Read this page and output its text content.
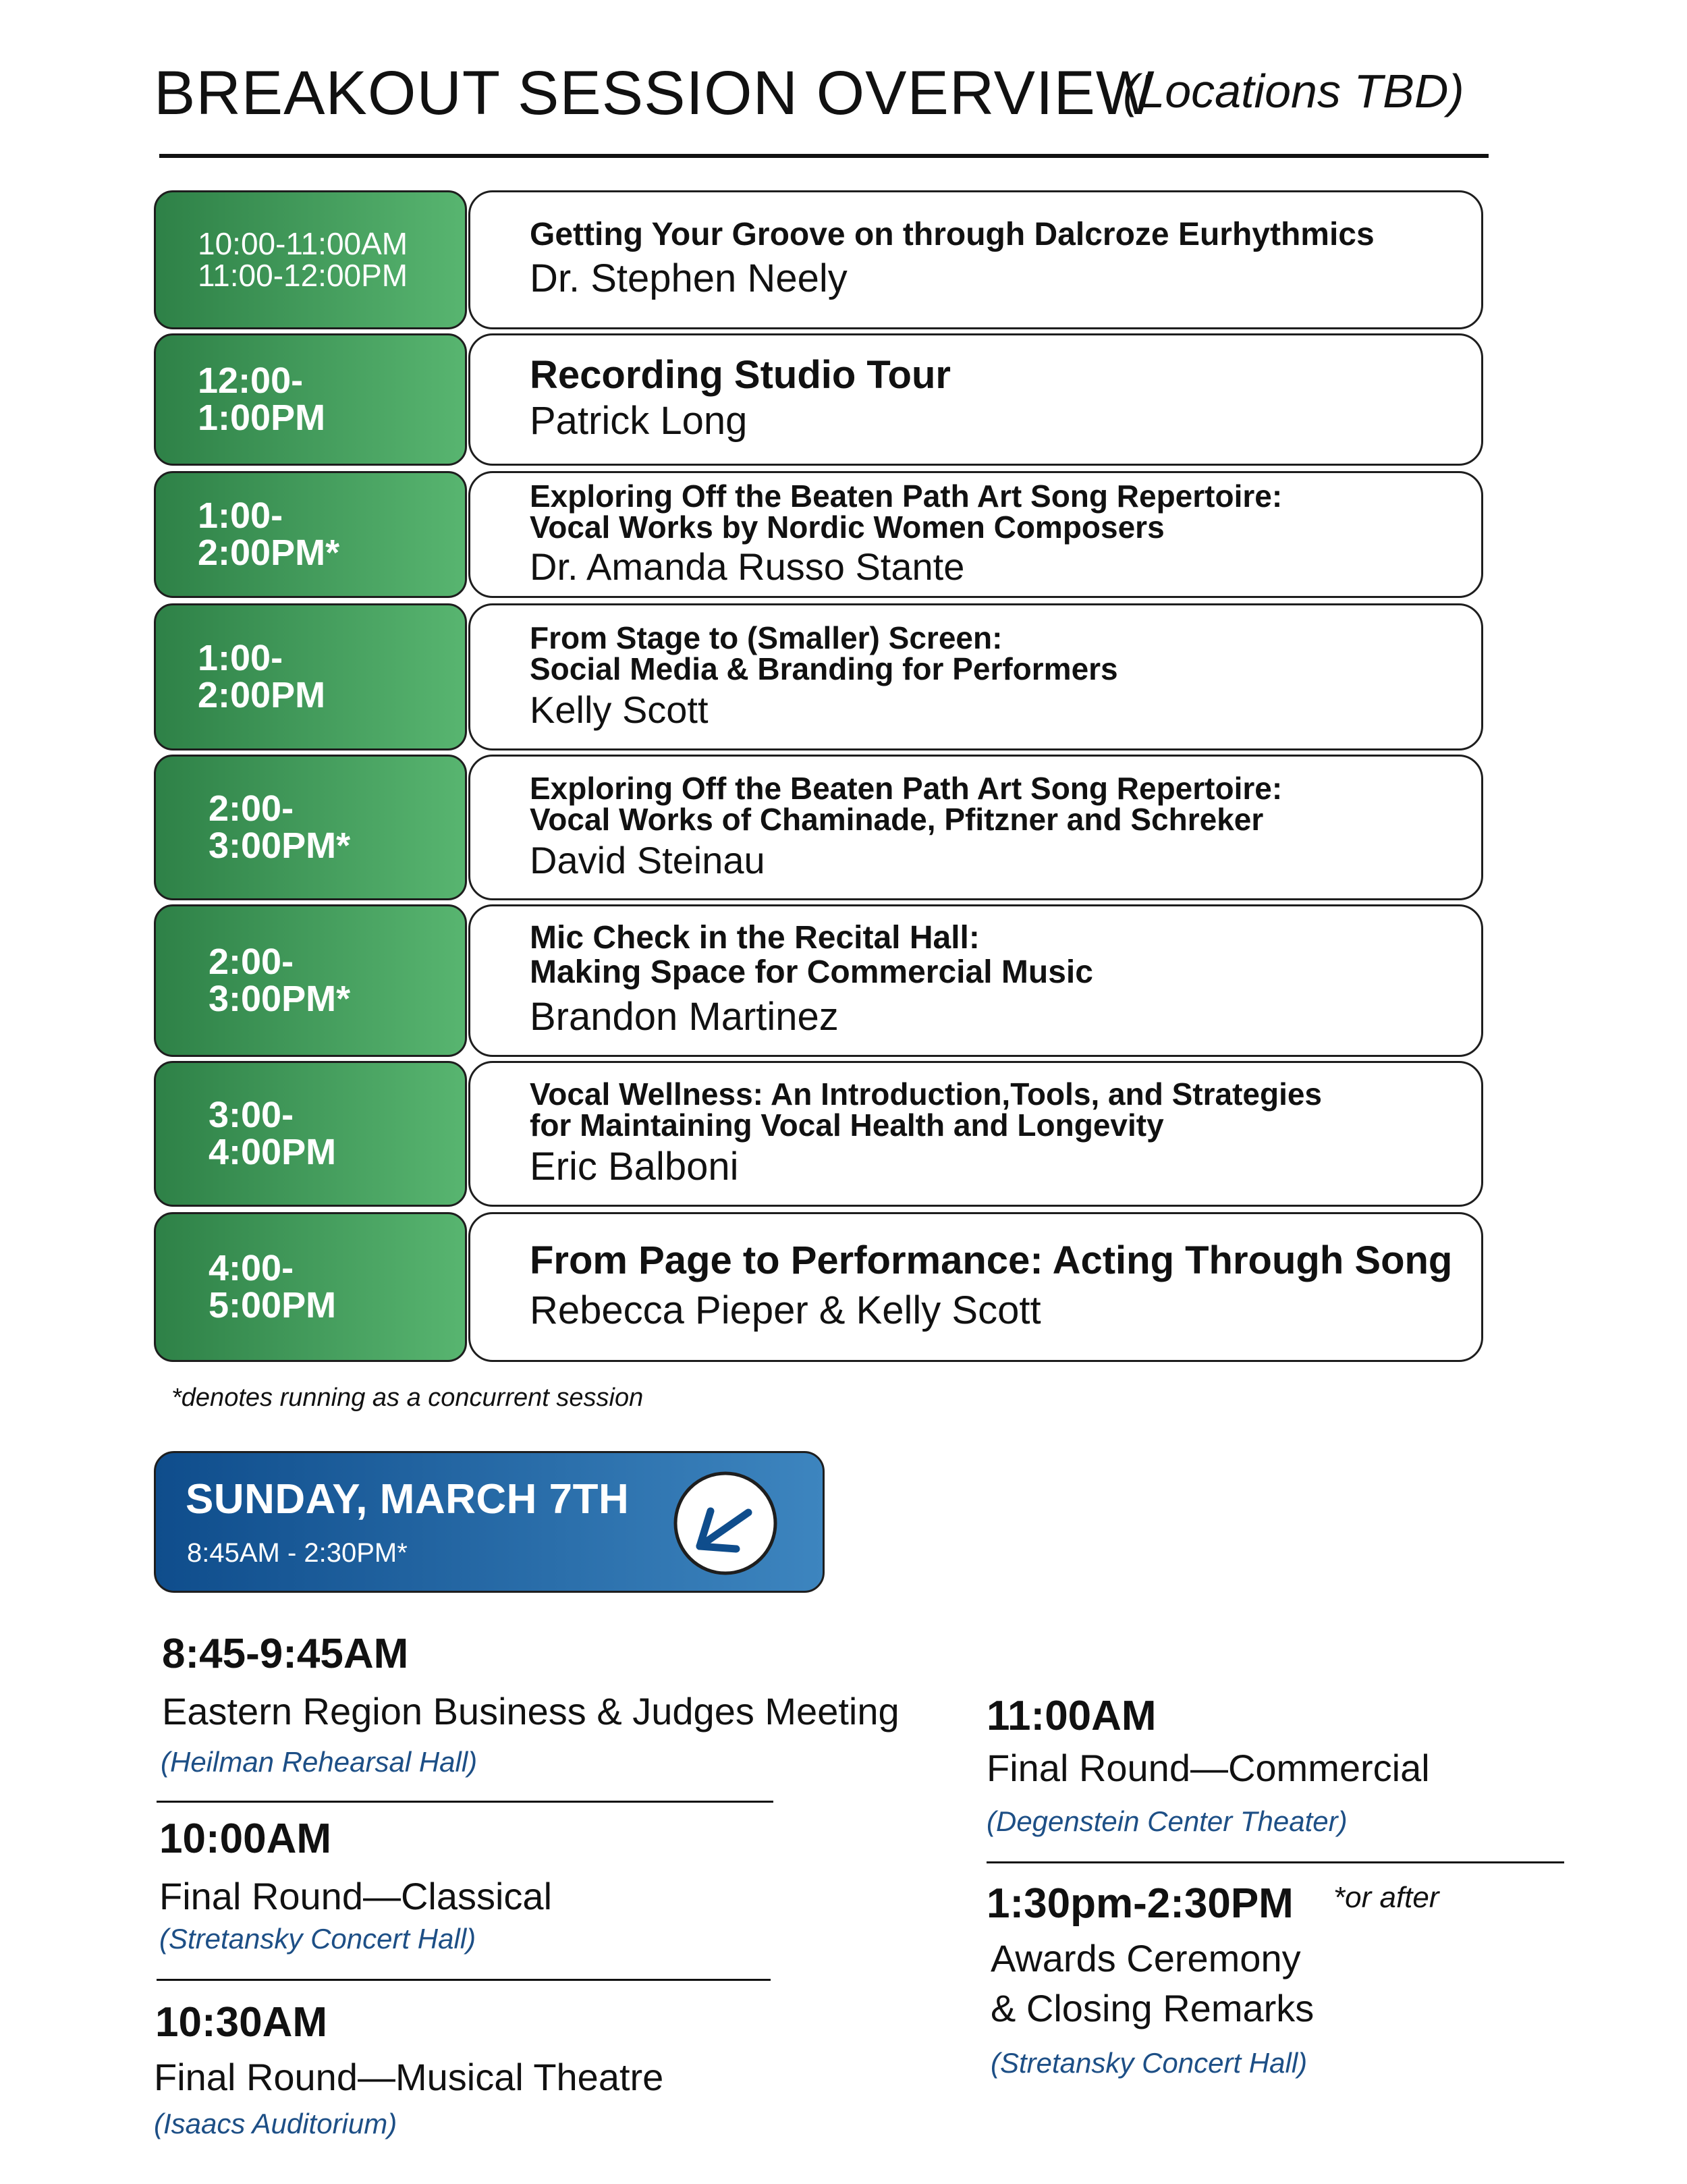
BREAKOUT SESSION OVERVIEW
(Locations TBD)
10:00-11:00AM
11:00-12:00PM
Getting Your Groove on through Dalcroze Eurhythmics
Dr. Stephen Neely
12:00-
1:00PM
Recording Studio Tour
Patrick Long
1:00-
2:00PM*
Exploring Off the Beaten Path Art Song Repertoire:
Vocal Works by Nordic Women Composers
Dr. Amanda Russo Stante
1:00-
2:00PM
From Stage to (Smaller) Screen:
Social Media & Branding for Performers
Kelly Scott
2:00-
3:00PM*
Exploring Off the Beaten Path Art Song Repertoire:
Vocal Works of Chaminade, Pfitzner and Schreker
David Steinau
2:00-
3:00PM*
Mic Check in the Recital Hall:
Making Space for Commercial Music
Brandon Martinez
3:00-
4:00PM
Vocal Wellness: An Introduction,Tools, and Strategies
for Maintaining Vocal Health and Longevity
Eric Balboni
4:00-
5:00PM
From Page to Performance: Acting Through Song
Rebecca Pieper & Kelly Scott
*denotes running as a concurrent session
SUNDAY, MARCH 7TH
8:45AM - 2:30PM*
8:45-9:45AM
Eastern Region Business & Judges Meeting
(Heilman Rehearsal Hall)
10:00AM
Final Round—Classical
(Stretansky Concert Hall)
10:30AM
Final Round—Musical Theatre
(Isaacs Auditorium)
11:00AM
Final Round—Commercial
(Degenstein Center Theater)
1:30pm-2:30PM *or after
Awards Ceremony
& Closing Remarks
(Stretansky Concert Hall)
